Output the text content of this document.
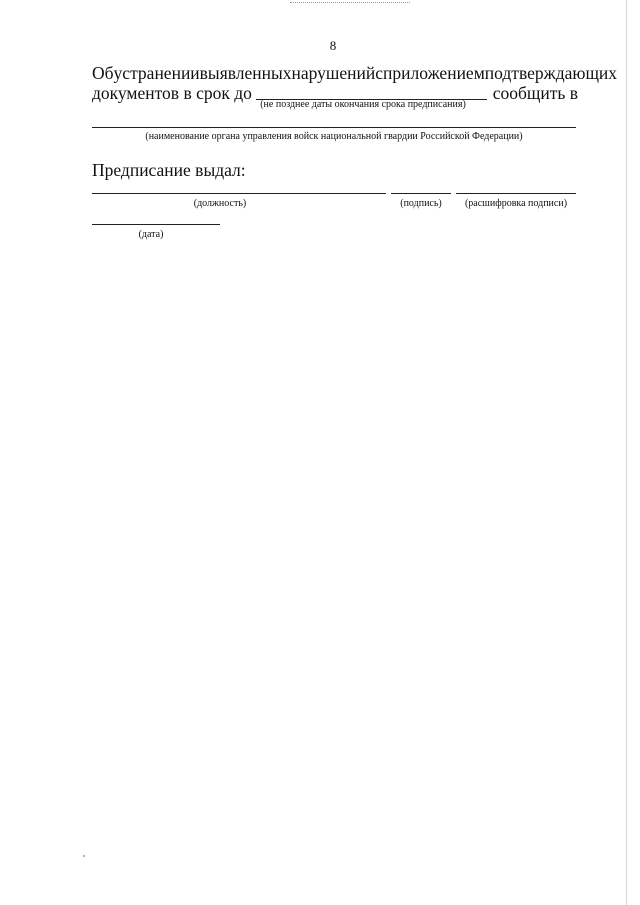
8
Об устранении выявленных нарушений с приложением подтверждающих
документов в срок до	сообщить в
(не позднее даты окончания срока предписания)
(наименование органа управления войск национальной гвардии Российской Федерации)
Предписание выдал:
(должность)	(подпись)	(расшифровка подписи)
(дата)
